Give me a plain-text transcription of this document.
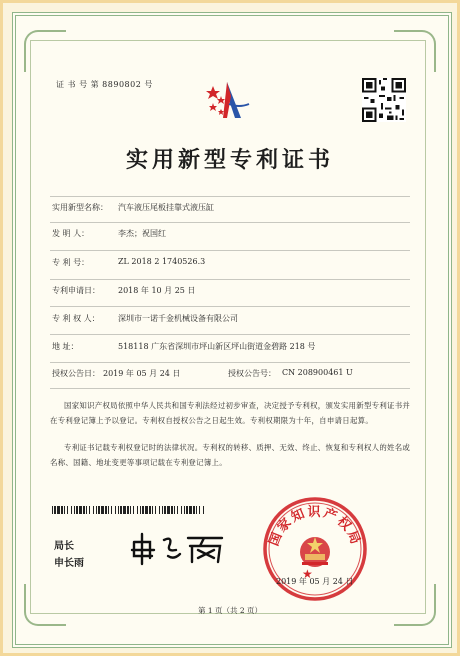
证 书 号 第 8890802 号
实用新型专利证书
实用新型名称： 汽车液压尾板挂靠式液压缸
发 明 人：	李杰；祝国红
专 利 号：	ZL 2018 2 1740526.3
专利申请日： 2018 年 10 月 25 日
专 利 权 人： 深圳市一诺千金机械设备有限公司
地 址：	518118 广东省深圳市坪山新区坪山街道金碧路 218 号
授权公告日： 2019 年 05 月 24 日	授权公告号： CN 208900461 U
国家知识产权局依照中华人民共和国专利法经过初步审查，决定授予专利权，颁发实用新型专利证书并在专利登记簿上予以登记。专利权自授权公告之日起生效。专利权期限为十年，自申请日起算。
专利证书记载专利权登记时的法律状况。专利权的转移、质押、无效、终止、恢复和专利权人的姓名或名称、国籍、地址变更等事项记载在专利登记簿上。
局长
申长雨
国家知识产权局
★
2019 年 05 月 24 日
第 1 页（共 2 页）
